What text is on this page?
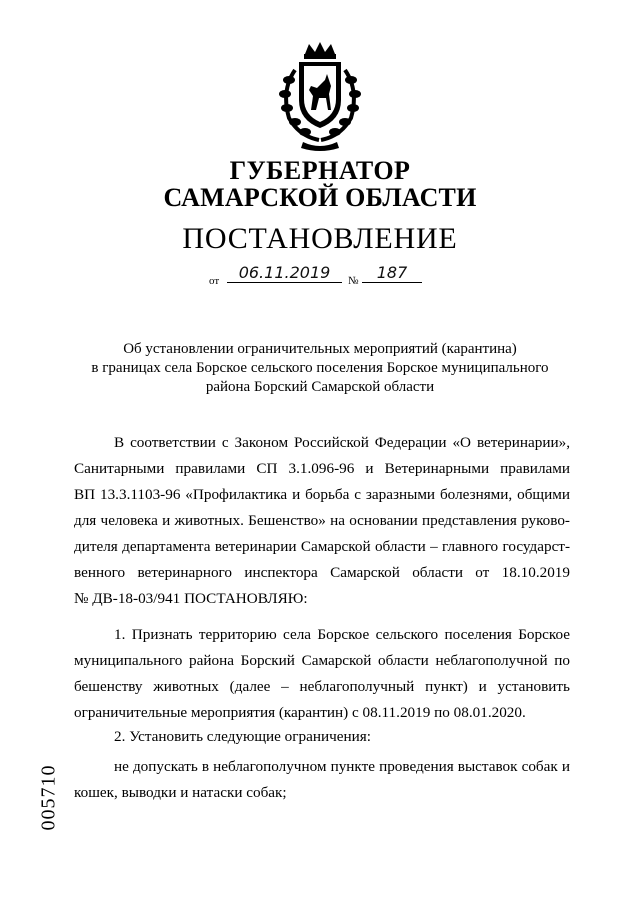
ГУБЕРНАТОР
САМАРСКОЙ ОБЛАСТИ
ПОСТАНОВЛЕНИЕ
от	06.11.2019	№	187
Об установлении ограничительных мероприятий (карантина)
в границах села Борское сельского поселения Борское муниципального
района Борский Самарской области
В соответствии с Законом Российской Федерации «О ветеринарии»,
Санитарными правилами СП 3.1.096-96 и Ветеринарными правилами
ВП 13.3.1103-96 «Профилактика и борьба с заразными болезнями, общими
для человека и животных. Бешенство» на основании представления руково-
дителя департамента ветеринарии Самарской области – главного государст-
венного ветеринарного инспектора Самарской области от 18.10.2019
№ ДВ-18-03/941 ПОСТАНОВЛЯЮ:
1. Признать территорию села Борское сельского поселения Борское
муниципального района Борский Самарской области неблагополучной по
бешенству животных (далее – неблагополучный пункт) и установить
ограничительные мероприятия (карантин) с 08.11.2019 по 08.01.2020.
2. Установить следующие ограничения:
не допускать в неблагополучном пункте проведения выставок собак и
кошек, выводки и натаски собак;
005710
